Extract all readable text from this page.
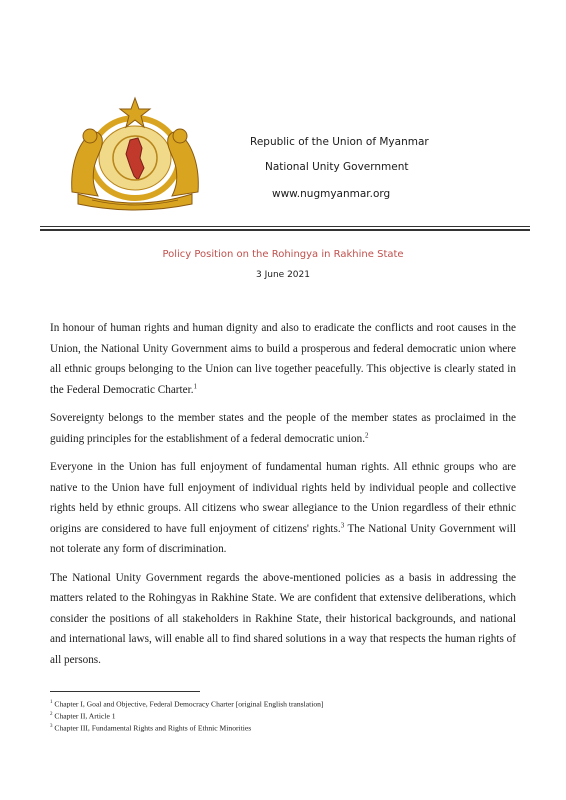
Republic of the Union of Myanmar
National Unity Government
www.nugmyanmar.org
Policy Position on the Rohingya in Rakhine State
3 June 2021

In honour of human rights and human dignity and also to eradicate the conflicts and root causes in the Union, the National Unity Government aims to build a prosperous and federal democratic union where all ethnic groups belonging to the Union can live together peacefully. This objective is clearly stated in the Federal Democratic Charter.$^1$

Sovereignty belongs to the member states and the people of the member states as proclaimed in the guiding principles for the establishment of a federal democratic union.$^2$

Everyone in the Union has full enjoyment of fundamental human rights. All ethnic groups who are native to the Union have full enjoyment of individual rights held by individual people and collective rights held by ethnic groups. All citizens who swear allegiance to the Union regardless of their ethnic origins are considered to have full enjoyment of citizens' rights.$^3$ The National Unity Government will not tolerate any form of discrimination.

The National Unity Government regards the above-mentioned policies as a basis in addressing the matters related to the Rohingyas in Rakhine State. We are confident that extensive deliberations, which consider the positions of all stakeholders in Rakhine State, their historical backgrounds, and national and international laws, will enable all to find shared solutions in a way that respects the human rights of all persons.

$^1$ Chapter I, Goal and Objective, Federal Democracy Charter [original English translation]
$^2$ Chapter II, Article 1
$^3$ Chapter III, Fundamental Rights and Rights of Ethnic Minorities
